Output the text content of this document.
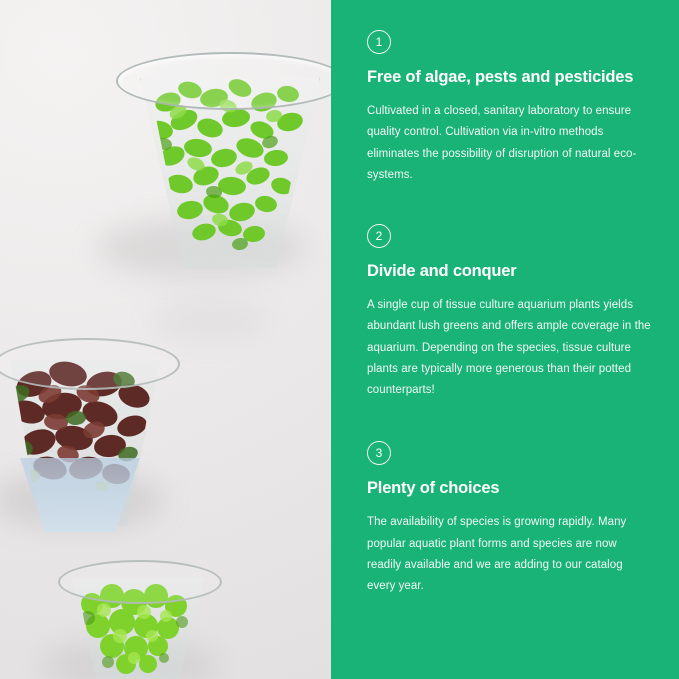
1
Free of algae, pests and pesticides

Cultivated in a closed, sanitary laboratory to ensure quality control. Cultivation via in-vitro methods eliminates the possibility of disruption of natural eco-systems.

2
Divide and conquer

A single cup of tissue culture aquarium plants yields abundant lush greens and offers ample coverage in the aquarium. Depending on the species, tissue culture plants are typically more generous than their potted counterparts!

3
Plenty of choices

The availability of species is growing rapidly. Many popular aquatic plant forms and species are now readily available and we are adding to our catalog every year.
